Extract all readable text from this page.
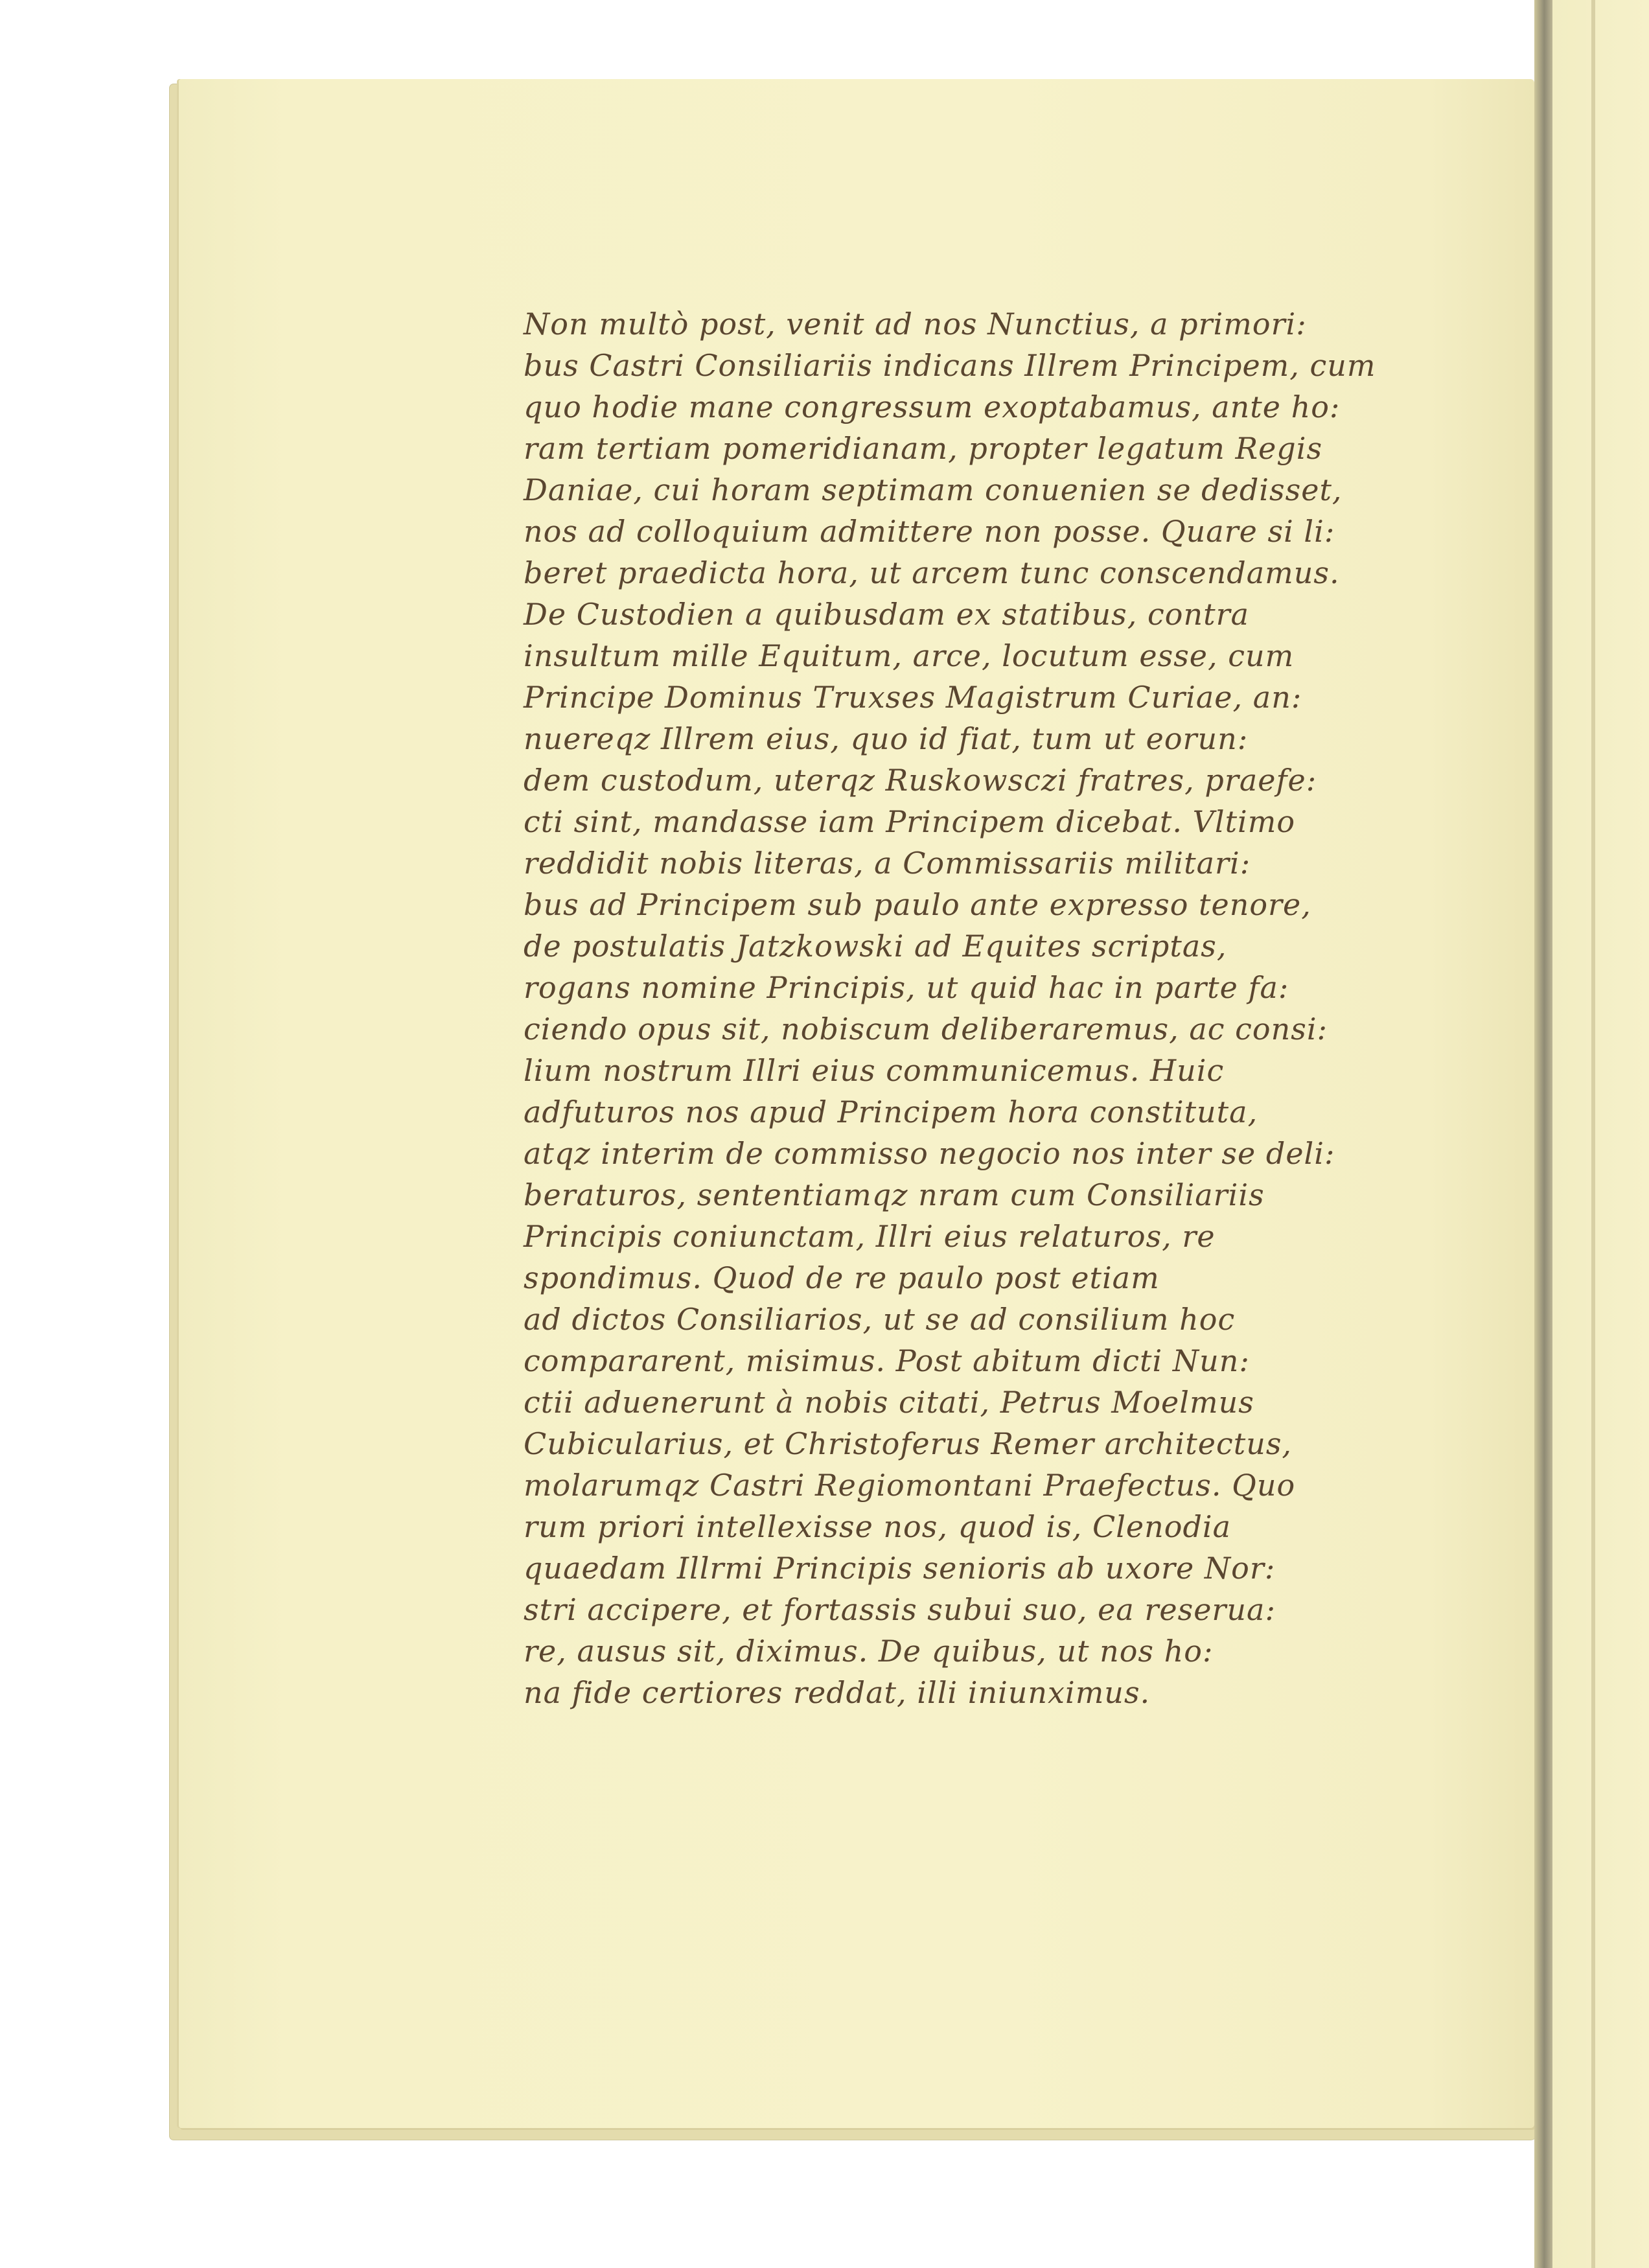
Non multò post, venit ad nos Nunctius, a primori:
bus Castri Consiliariis indicans Illrem Principem, cum
quo hodie mane congressum exoptabamus, ante ho:
ram tertiam pomeridianam, propter legatum Regis
Daniae, cui horam septimam conuenien se dedisset,
nos ad colloquium admittere non posse. Quare si li:
beret praedicta hora, ut arcem tunc conscendamus.
De Custodien a quibusdam ex statibus, contra
insultum mille Equitum, arce, locutum esse, cum
Principe Dominus Truxses Magistrum Curiae, an:
nuereqz Illrem eius, quo id fiat, tum ut eorun:
dem custodum, uterqz Ruskowsczi fratres, praefe:
cti sint, mandasse iam Principem dicebat. Vltimo
reddidit nobis literas, a Commissariis militari:
bus ad Principem sub paulo ante expresso tenore,
de postulatis Jatzkowski ad Equites scriptas,
rogans nomine Principis, ut quid hac in parte fa:
ciendo opus sit, nobiscum deliberaremus, ac consi:
lium nostrum Illri eius communicemus. Huic
adfuturos nos apud Principem hora constituta,
atqz interim de commisso negocio nos inter se deli:
beraturos, sententiamqz nram cum Consiliariis
Principis coniunctam, Illri eius relaturos, re
spondimus. Quod de re paulo post etiam
ad dictos Consiliarios, ut se ad consilium hoc
compararent, misimus. Post abitum dicti Nun:
ctii aduenerunt à nobis citati, Petrus Moelmus
Cubicularius, et Christoferus Remer architectus,
molarumqz Castri Regiomontani Praefectus. Quo
rum priori intellexisse nos, quod is, Clenodia
quaedam Illrmi Principis senioris ab uxore Nor:
stri accipere, et fortassis subui suo, ea reserua:
re, ausus sit, diximus. De quibus, ut nos ho:
na fide certiores reddat, illi iniunximus.
